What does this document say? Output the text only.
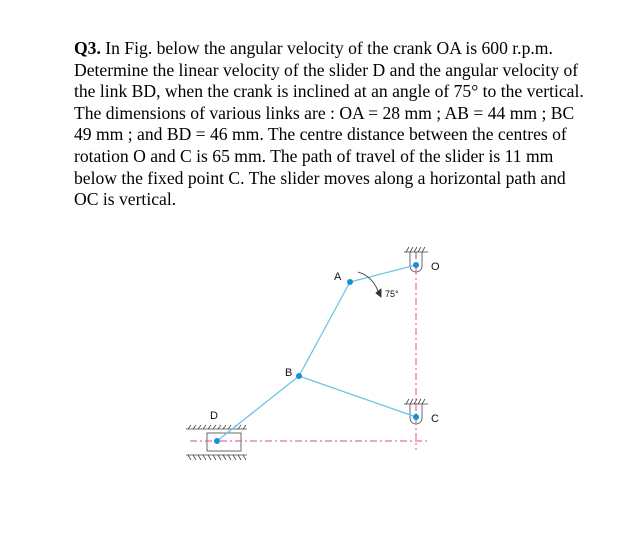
Q3. In Fig. below the angular velocity of the crank OA is 600 r.p.m. Determine the linear velocity of the slider D and the angular velocity of the link BD, when the crank is inclined at an angle of 75° to the vertical. The dimensions of various links are : OA = 28 mm ; AB = 44 mm ; BC 49 mm ; and BD = 46 mm. The centre distance between the centres of rotation O and C is 65 mm. The path of travel of the slider is 11 mm below the fixed point C. The slider moves along a horizontal path and OC is vertical.
O
A
75°
B
C
D
